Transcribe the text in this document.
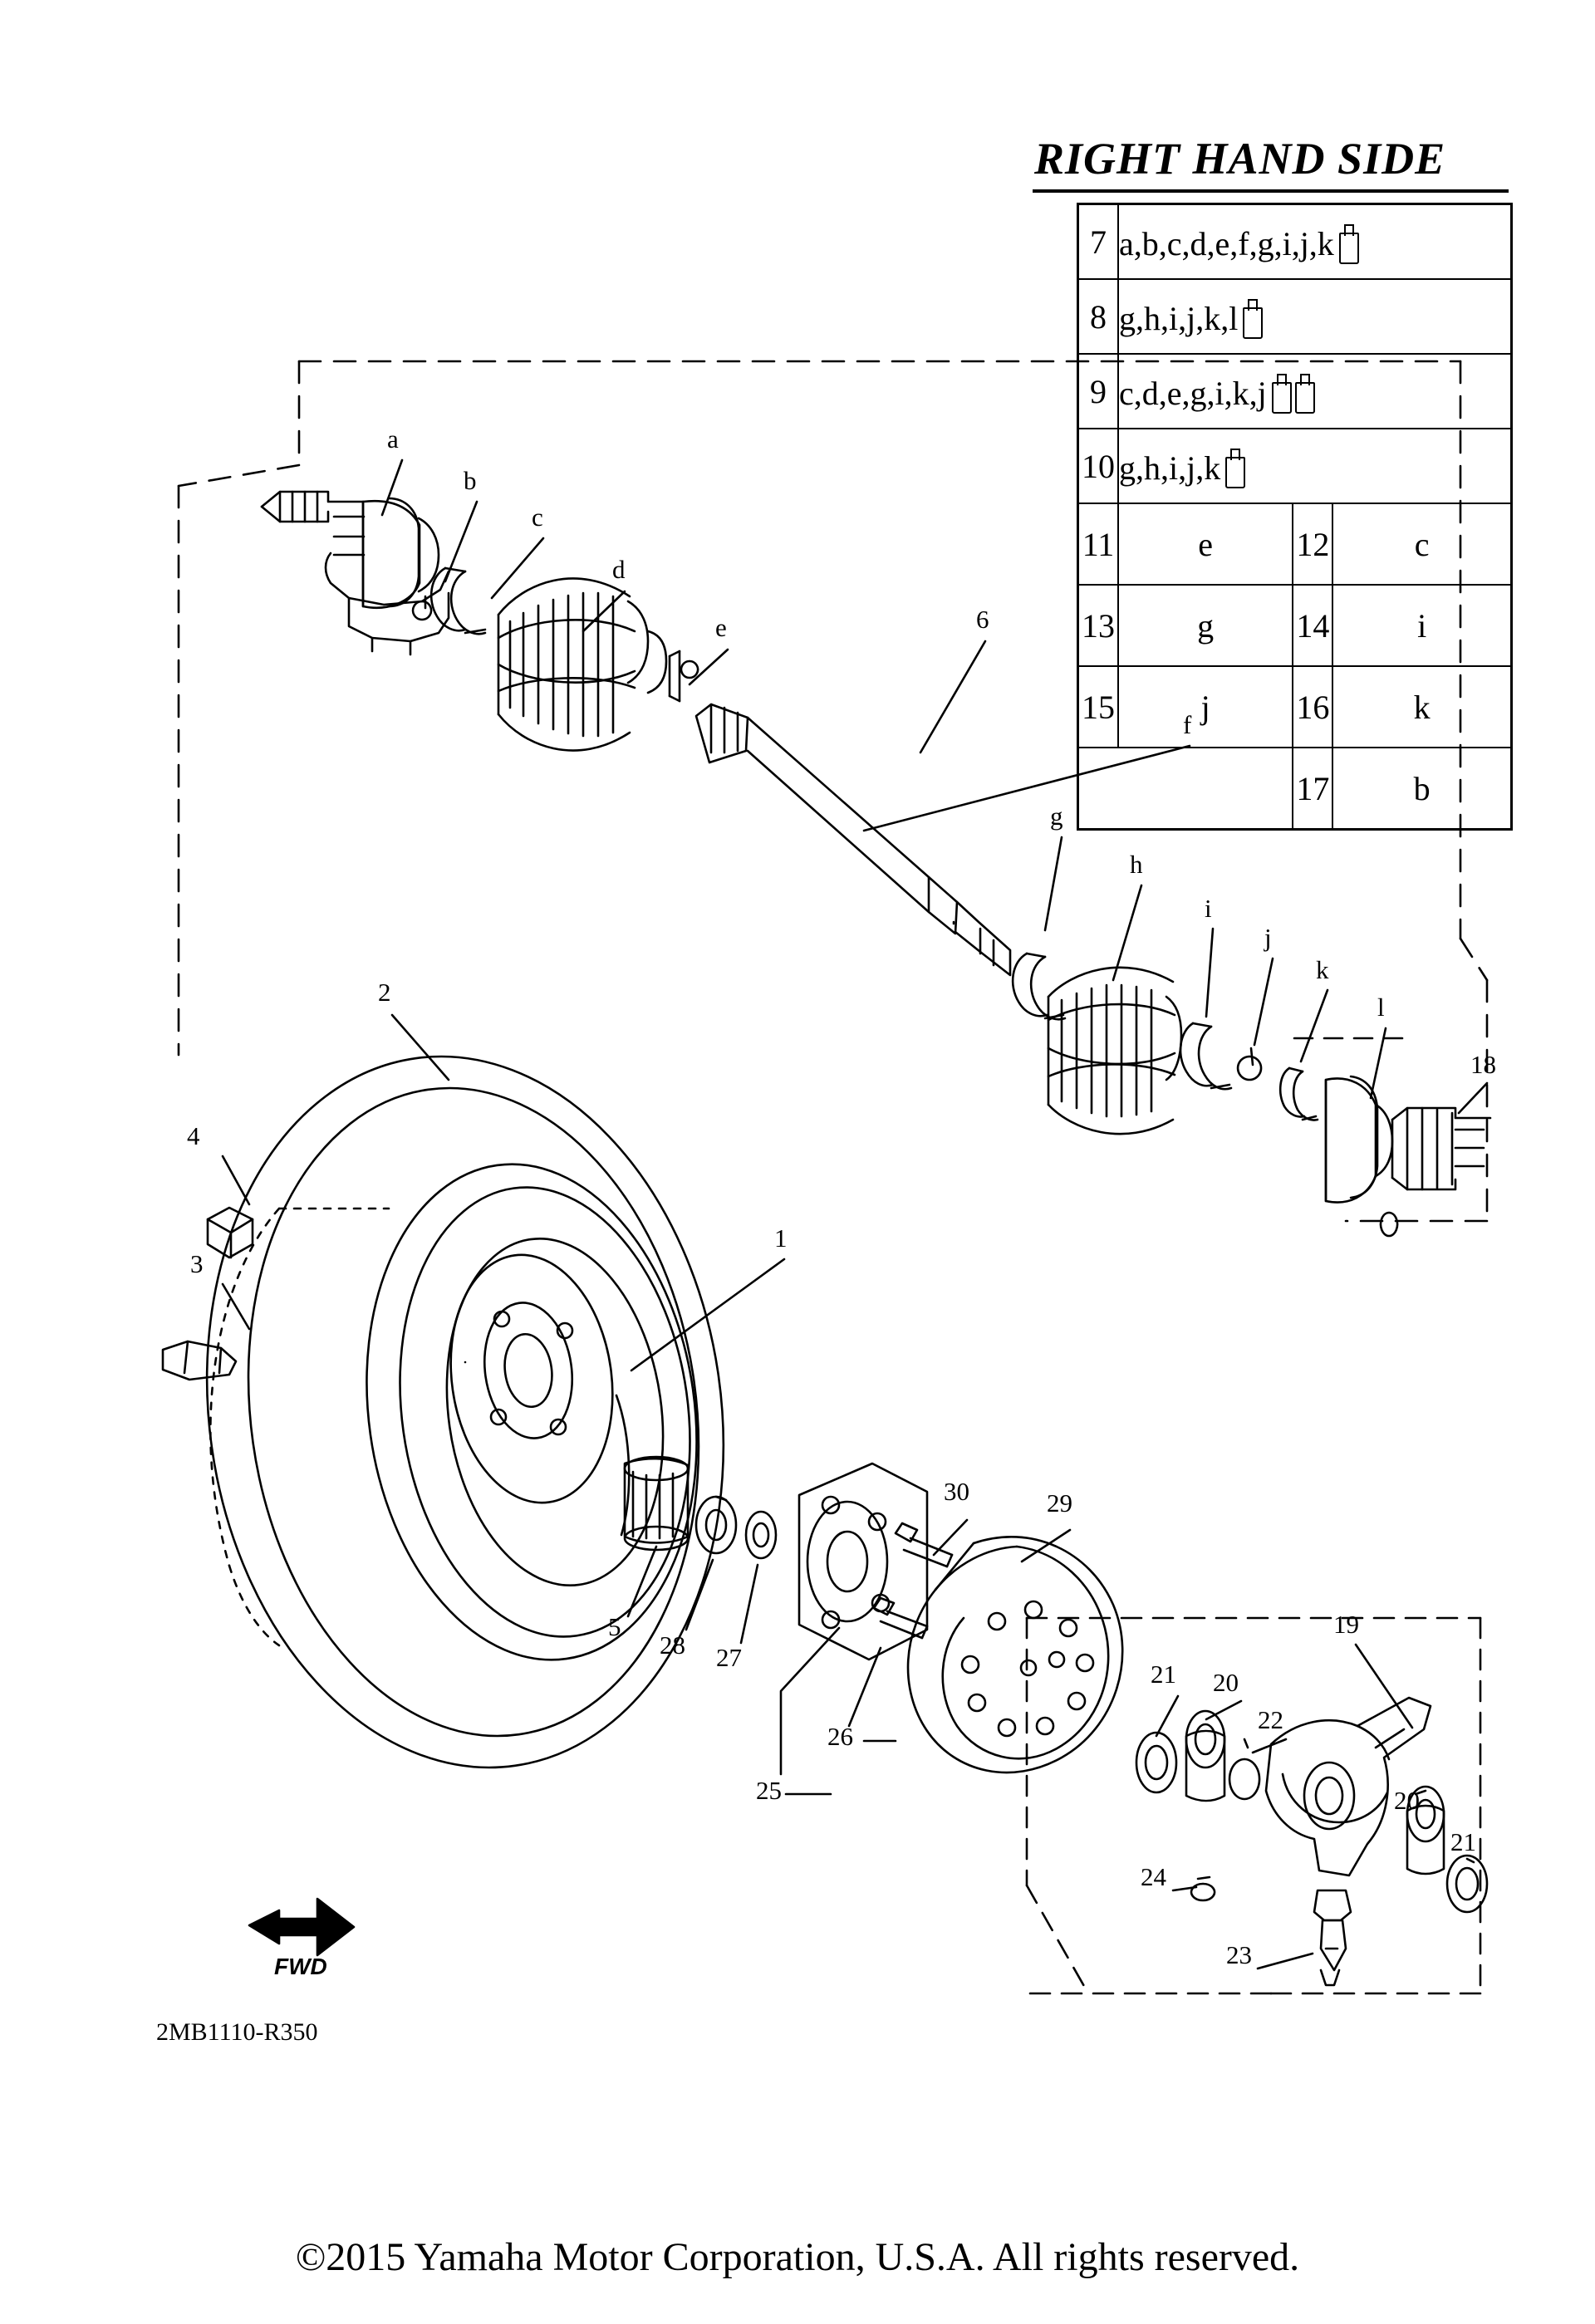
RIGHT HAND SIDE
7	a,b,c,d,e,f,g,i,j,k		
8	g,h,i,j,k,l		
9	c,d,e,g,i,k,j		
10	g,h,i,j,k		
11	e	12	c
13	g	14	i
15	j	16	k
		17	b
a
b
c
d
e
f
g
h
i
j
k
l
1
2
3
4
5
6
18
19
20
20
21
21
22
23
24
25
26
27
28
29
30
FWD
2MB1110-R350
©2015 Yamaha Motor Corporation, U.S.A. All rights reserved.
